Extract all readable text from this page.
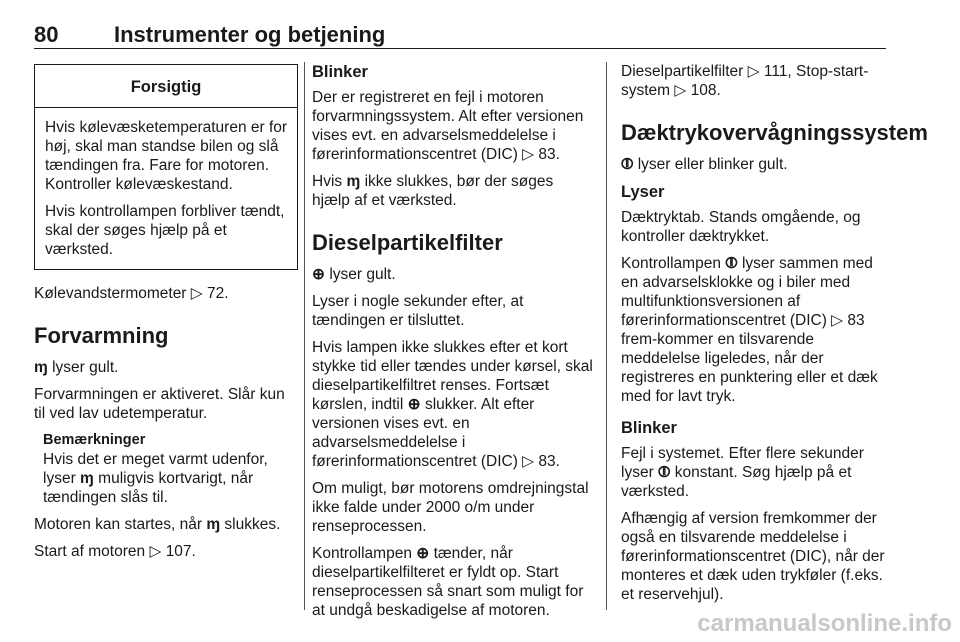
80	Instrumenter og betjening
Forsigtig

Hvis kølevæsketemperaturen er for høj, skal man standse bilen og slå tændingen fra. Fare for motoren. Kontroller kølevæskestand.

Hvis kontrollampen forbliver tændt, skal der søges hjælp på et værksted.

Kølevandstermometer ▷ 72.

Forvarmning

ɱ lyser gult.

Forvarmningen er aktiveret. Slår kun til ved lav udetemperatur.

Bemærkninger
Hvis det er meget varmt udenfor, lyser ɱ muligvis kortvarigt, når tændingen slås til.

Motoren kan startes, når ɱ slukkes.

Start af motoren ▷ 107.

Blinker

Der er registreret en fejl i motoren forvarmningssystem. Alt efter versionen vises evt. en advarselsmeddelelse i førerinformationscentret (DIC) ▷ 83.

Hvis ɱ ikke slukkes, bør der søges hjælp af et værksted.

Dieselpartikelfilter

⊕ lyser gult.

Lyser i nogle sekunder efter, at tændingen er tilsluttet.

Hvis lampen ikke slukkes efter et kort stykke tid eller tændes under kørsel, skal dieselpartikelfiltret renses. Fortsæt kørslen, indtil ⊕ slukker. Alt efter versionen vises evt. en advarselsmeddelelse i førerinformationscentret (DIC) ▷ 83.

Om muligt, bør motorens omdrejningstal ikke falde under 2000 o/m under renseprocessen.

Kontrollampen ⊕ tænder, når dieselpartikelfilteret er fyldt op. Start renseprocessen så snart som muligt for at undgå beskadigelse af motoren.

Dieselpartikelfilter ▷ 111, Stop-start-system ▷ 108.

Dæktrykovervågningssystem

⦷ lyser eller blinker gult.

Lyser

Dæktryktab. Stands omgående, og kontroller dæktrykket.

Kontrollampen ⦷ lyser sammen med en advarselsklokke og i biler med multifunktionsversionen af førerinformationscentret (DIC) ▷ 83 frem-kommer en tilsvarende meddelelse ligeledes, når der registreres en punktering eller et dæk med for lavt tryk.

Blinker

Fejl i systemet. Efter flere sekunder lyser ⦷ konstant. Søg hjælp på et værksted.

Afhængig af version fremkommer der også en tilsvarende meddelelse i førerinformationscentret (DIC), når der monteres et dæk uden trykføler (f.eks. et reservehjul).

carmanualsonline.info
